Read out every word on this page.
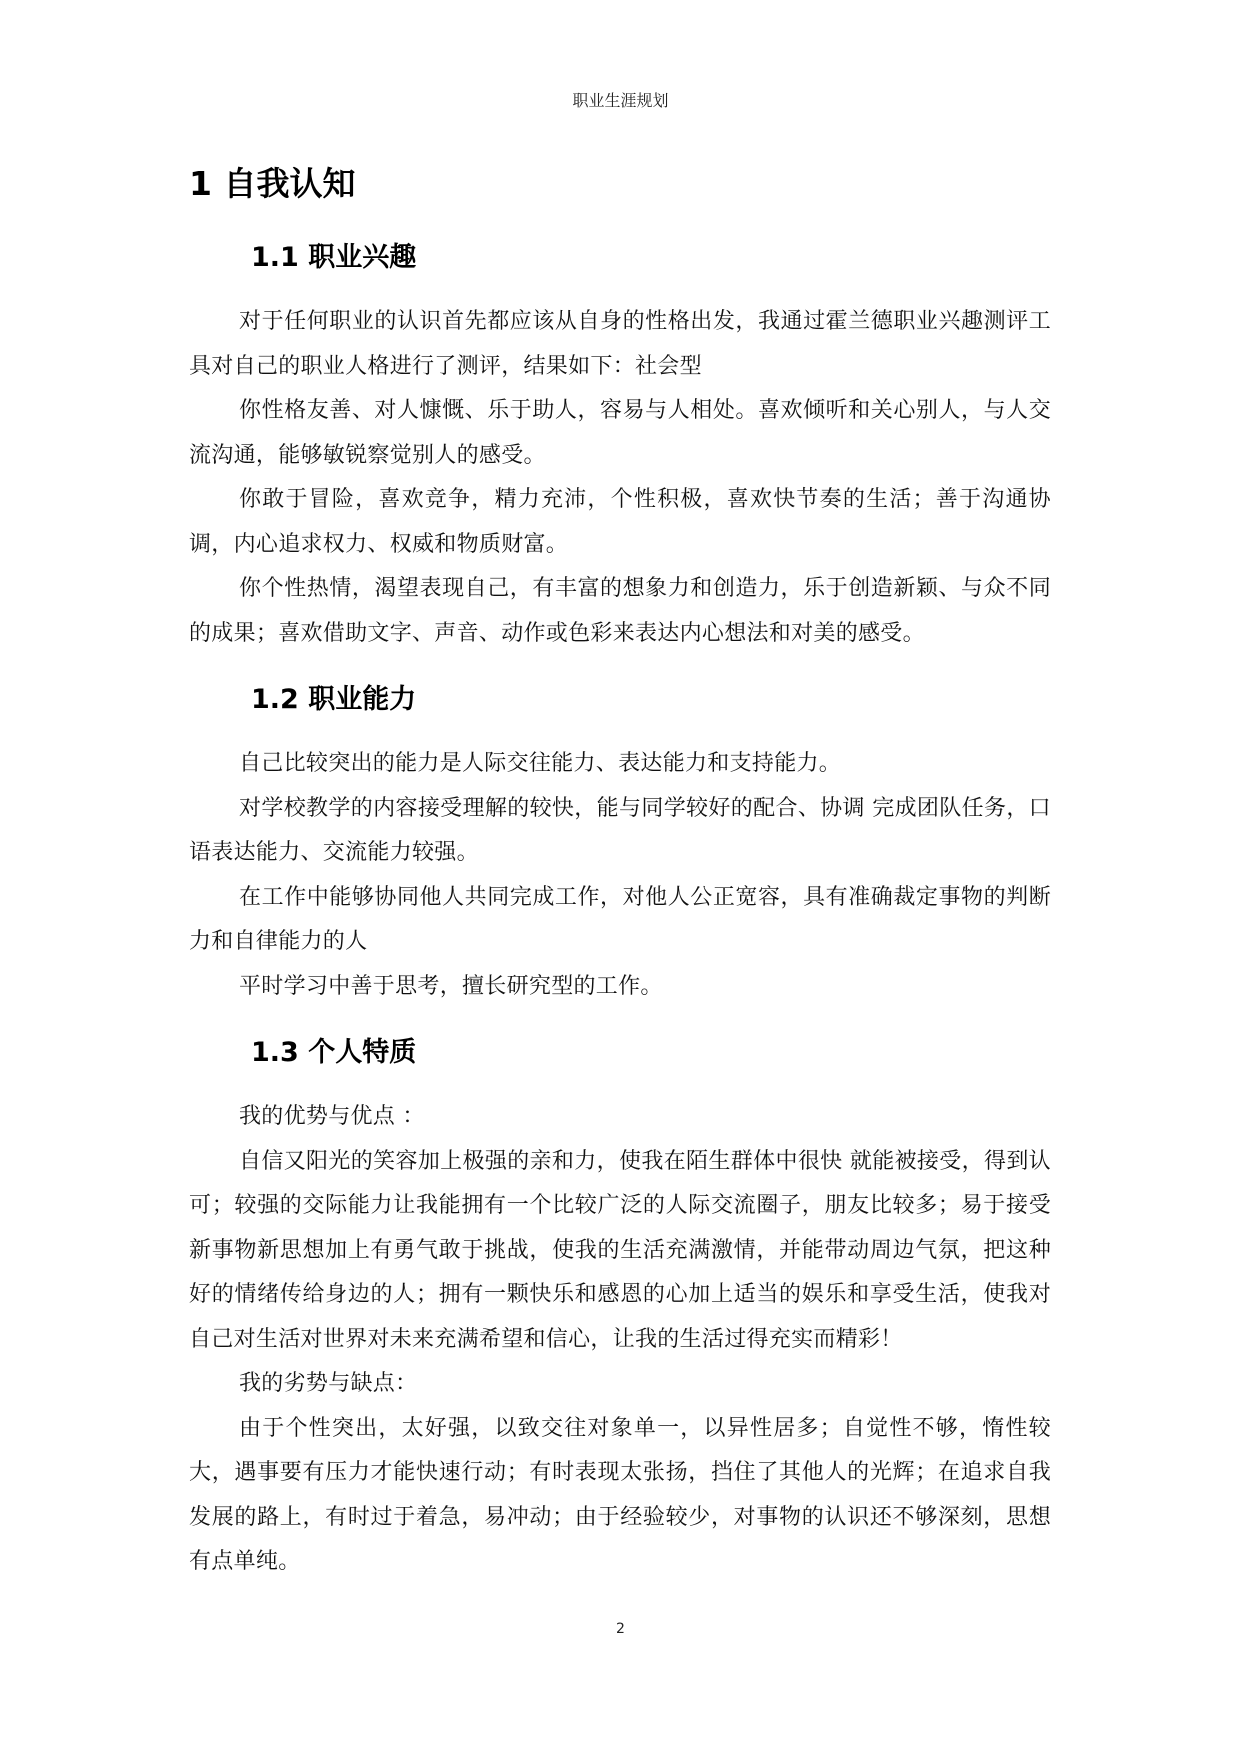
职业生涯规划
1 自我认知
1.1 职业兴趣

对于任何职业的认识首先都应该从自身的性格出发，我通过霍兰德职业兴趣测评工具对自己的职业人格进行了测评，结果如下：社会型

你性格友善、对人慷慨、乐于助人，容易与人相处。喜欢倾听和关心别人，与人交流沟通，能够敏锐察觉别人的感受。

你敢于冒险，喜欢竞争，精力充沛，个性积极，喜欢快节奏的生活；善于沟通协调，内心追求权力、权威和物质财富。

你个性热情，渴望表现自己，有丰富的想象力和创造力，乐于创造新颖、与众不同的成果；喜欢借助文字、声音、动作或色彩来表达内心想法和对美的感受。

1.2 职业能力

自己比较突出的能力是人际交往能力、表达能力和支持能力。

对学校教学的内容接受理解的较快，能与同学较好的配合、协调 完成团队任务，口语表达能力、交流能力较强。

在工作中能够协同他人共同完成工作，对他人公正宽容，具有准确裁定事物的判断力和自律能力的人

平时学习中善于思考，擅长研究型的工作。

1.3 个人特质

我的优势与优点 ：

自信又阳光的笑容加上极强的亲和力，使我在陌生群体中很快 就能被接受，得到认可；较强的交际能力让我能拥有一个比较广泛的人际交流圈子，朋友比较多；易于接受新事物新思想加上有勇气敢于挑战，使我的生活充满激情，并能带动周边气氛，把这种好的情绪传给身边的人；拥有一颗快乐和感恩的心加上适当的娱乐和享受生活，使我对自己对生活对世界对未来充满希望和信心，让我的生活过得充实而精彩！

我的劣势与缺点：

由于个性突出，太好强，以致交往对象单一，以异性居多；自觉性不够，惰性较大，遇事要有压力才能快速行动；有时表现太张扬，挡住了其他人的光辉；在追求自我发展的路上，有时过于着急，易冲动；由于经验较少，对事物的认识还不够深刻，思想有点单纯。

2
